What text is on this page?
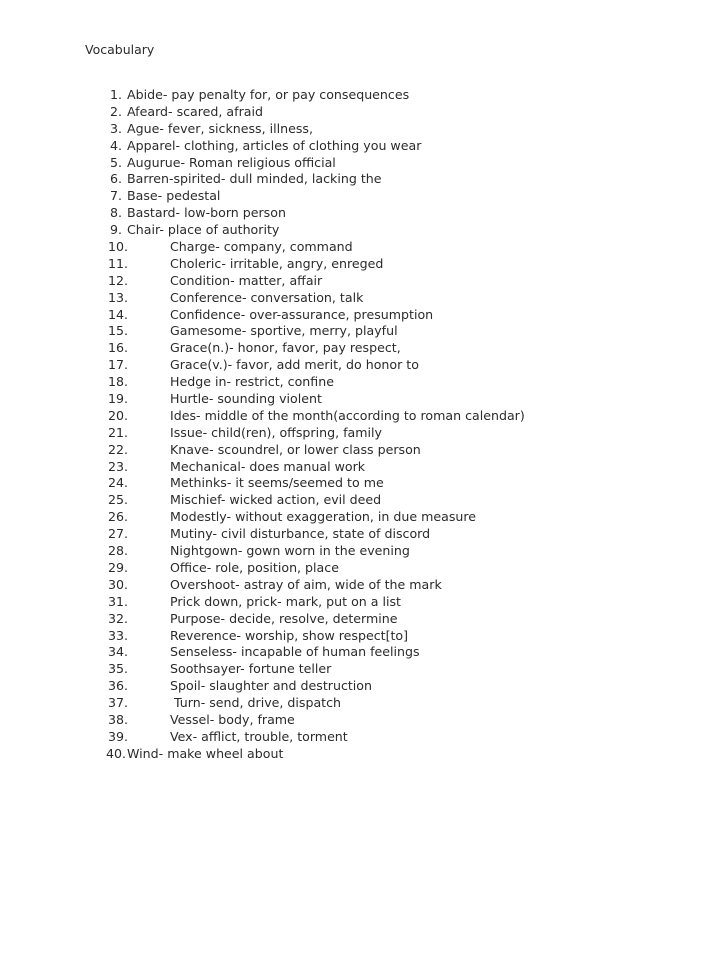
Vocabulary
1. Abide- pay penalty for, or pay consequences
2. Afeard- scared, afraid
3. Ague- fever, sickness, illness,
4. Apparel- clothing, articles of clothing you wear
5. Augurue- Roman religious official
6. Barren-spirited- dull minded, lacking the
7. Base- pedestal
8. Bastard- low-born person
9. Chair- place of authority
10.	Charge- company, command
11.	Choleric- irritable, angry, enreged
12.	Condition- matter, affair
13.	Conference- conversation, talk
14.	Confidence- over-assurance, presumption
15.	Gamesome- sportive, merry, playful
16.	Grace(n.)- honor, favor, pay respect,
17.	Grace(v.)- favor, add merit, do honor to
18.	Hedge in- restrict, confine
19.	Hurtle- sounding violent
20.	Ides- middle of the month(according to roman calendar)
21.	Issue- child(ren), offspring, family
22.	Knave- scoundrel, or lower class person
23.	Mechanical- does manual work
24.	Methinks- it seems/seemed to me
25.	Mischief- wicked action, evil deed
26.	Modestly- without exaggeration, in due measure
27.	Mutiny- civil disturbance, state of discord
28.	Nightgown- gown worn in the evening
29.	Office- role, position, place
30.	Overshoot- astray of aim, wide of the mark
31.	Prick down, prick- mark, put on a list
32.	Purpose- decide, resolve, determine
33.	Reverence- worship, show respect[to]
34.	Senseless- incapable of human feelings
35.	Soothsayer- fortune teller
36.	Spoil- slaughter and destruction
37.	Turn- send, drive, dispatch
38.	Vessel- body, frame
39.	Vex- afflict, trouble, torment
40. Wind- make wheel about
